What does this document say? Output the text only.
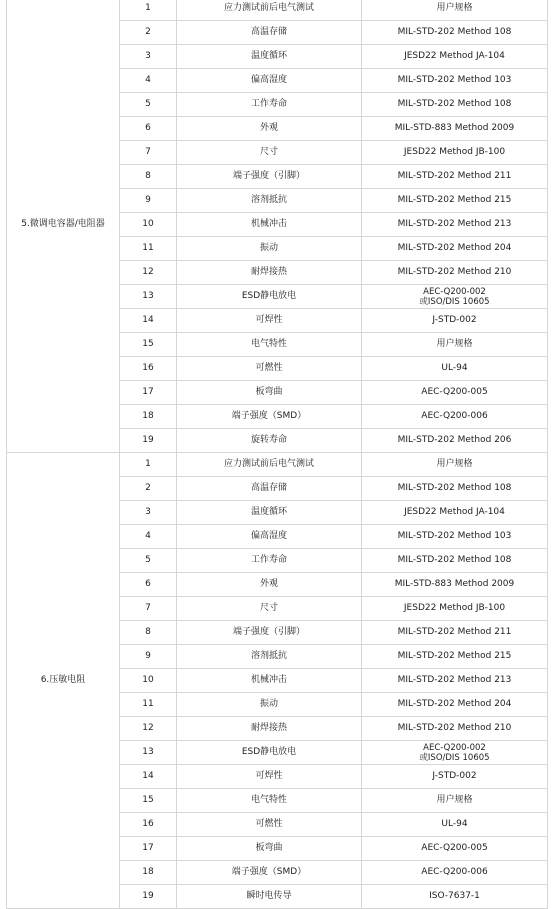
5.微调电容器/电阻器	1	应力测试前后电气测试	用户规格

	2	高温存储	MIL-STD-202 Method 108

	3	温度循环	JESD22 Method JA-104

	4	偏高湿度	MIL-STD-202 Method 103

	5	工作寿命	MIL-STD-202 Method 108

	6	外观	MIL-STD-883 Method 2009

	7	尺寸	JESD22 Method JB-100

	8	端子强度（引脚）	MIL-STD-202 Method 211

	9	溶剂抵抗	MIL-STD-202 Method 215

	10	机械冲击	MIL-STD-202 Method 213

	11	振动	MIL-STD-202 Method 204

	12	耐焊接热	MIL-STD-202 Method 210

	13	ESD静电放电	AEC-Q200-002
或ISO/DIS 10605

	14	可焊性	J-STD-002

	15	电气特性	用户规格

	16	可燃性	UL-94

	17	板弯曲	AEC-Q200-005

	18	端子强度（SMD）	AEC-Q200-006

	19	旋转寿命	MIL-STD-202 Method 206

6.压敏电阻	1	应力测试前后电气测试	用户规格

	2	高温存储	MIL-STD-202 Method 108

	3	温度循环	JESD22 Method JA-104

	4	偏高湿度	MIL-STD-202 Method 103

	5	工作寿命	MIL-STD-202 Method 108

	6	外观	MIL-STD-883 Method 2009

	7	尺寸	JESD22 Method JB-100

	8	端子强度（引脚）	MIL-STD-202 Method 211

	9	溶剂抵抗	MIL-STD-202 Method 215

	10	机械冲击	MIL-STD-202 Method 213

	11	振动	MIL-STD-202 Method 204

	12	耐焊接热	MIL-STD-202 Method 210

	13	ESD静电放电	AEC-Q200-002
或ISO/DIS 10605

	14	可焊性	J-STD-002

	15	电气特性	用户规格

	16	可燃性	UL-94

	17	板弯曲	AEC-Q200-005

	18	端子强度（SMD）	AEC-Q200-006

	19	瞬时电传导	ISO-7637-1
